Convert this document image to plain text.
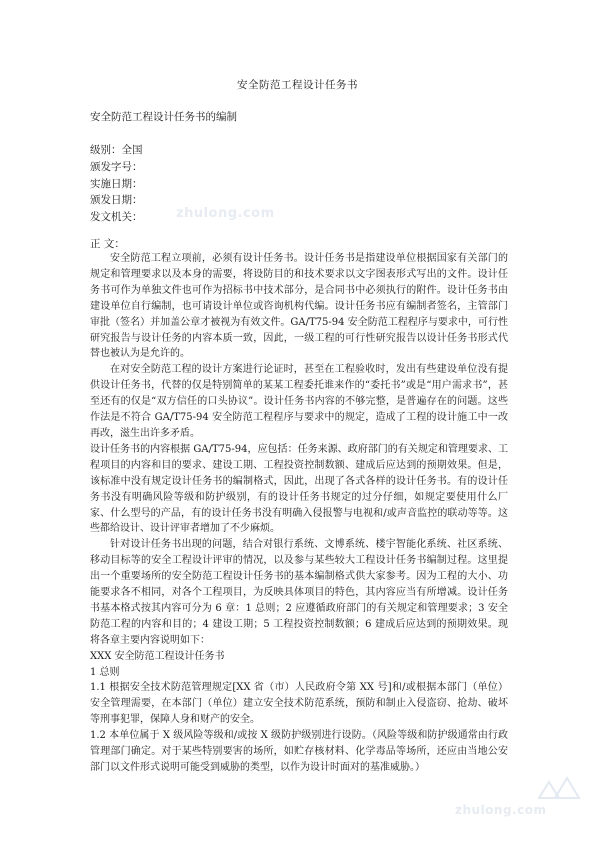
安全防范工程设计任务书
安全防范工程设计任务书的编制
级别：全国
颁发字号：
实施日期：
颁发日期：
发文机关：	zhulong.com
正 文：

安全防范工程立项前，必须有设计任务书。设计任务书是指建设单位根据国家有关部门的规定和管理要求以及本身的需要，将设防目的和技术要求以文字图表形式写出的文件。设计任务书可作为单独文件也可作为招标书中技术部分，是合同书中必须执行的附件。设计任务书由建设单位自行编制，也可请设计单位或咨询机构代编。设计任务书应有编制者签名，主管部门审批（签名）并加盖公章才被视为有效文件。GA/T75-94 安全防范工程程序与要求中，可行性研究报告与设计任务的内容本质一致，因此，一级工程的可行性研究报告以设计任务书形式代替也被认为是允许的。

在对安全防范工程的设计方案进行论证时，甚至在工程验收时，发出有些建设单位没有提供设计任务书，代替的仅是特别简单的某某工程委托谁来作的“委托书”或是“用户需求书”，甚至还有的仅是“双方信任的口头协议”。设计任务书内容的不够完整，是普遍存在的问题。这些作法是不符合 GA/T75-94 安全防范工程程序与要求中的规定，造成了工程的设计施工中一改再改，滋生出许多矛盾。

设计任务书的内容根据 GA/T75-94，应包括：任务来源、政府部门的有关规定和管理要求、工程项目的内容和目的要求、建设工期、工程投资控制数额、建成后应达到的预期效果。但是，该标准中没有规定设计任务书的编制格式，因此，出现了各式各样的设计任务书。有的设计任务书没有明确风险等级和防护级别，有的设计任务书规定的过分仔细，如规定要使用什么厂家、什么型号的产品，有的设计任务书没有明确入侵报警与电视和/或声音监控的联动等等。这些都给设计、设计评审者增加了不少麻烦。

针对设计任务书出现的问题，结合对银行系统、文博系统、楼宇智能化系统、社区系统、移动目标等的安全工程设计评审的情况，以及参与某些较大工程设计任务书编制过程。这里提出一个重要场所的安全防范工程设计任务书的基本编制格式供大家参考。因为工程的大小、功能要求各不相同，对各个工程项目，为反映具体项目的特色，其内容应当有所增减。设计任务书基本格式按其内容可分为 6 章：1 总则；2 应遵循政府部门的有关规定和管理要求；3 安全防范工程的内容和目的；4 建设工期；5 工程投资控制数额；6 建成后应达到的预期效果。现将各章主要内容说明如下：

XXX 安全防范工程设计任务书

1 总则

1.1 根据安全技术防范管理规定[XX 省（市）人民政府令第 XX 号]和/或根据本部门（单位）安全管理需要，在本部门（单位）建立安全技术防范系统，预防和制止入侵盗窃、抢劫、破坏等刑事犯罪，保障人身和财产的安全。

1.2 本单位属于 X 级风险等级和/或按 X 级防护级别进行设防。（风险等级和防护级通常由行政管理部门确定。对于某些特别要害的场所，如贮存核材料、化学毒品等场所，还应由当地公安部门以文件形式说明可能受到威胁的类型，以作为设计时面对的基准威胁。）

zhulong.com
